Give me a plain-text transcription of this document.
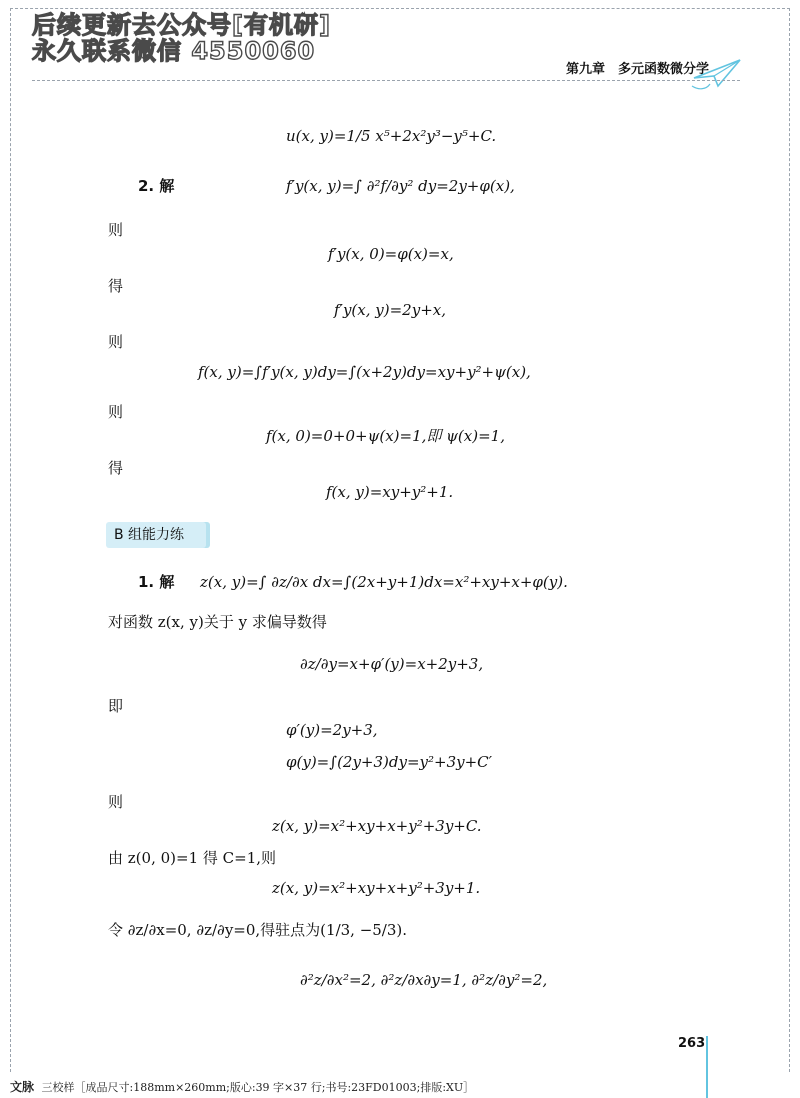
后续更新去公众号[有机研]
永久联系微信 4550060
第九章　多元函数微分学
u(x, y)=1/5 x⁵+2x²y³−y⁵+C.
2. 解	f′y(x, y)=∫ ∂²f/∂y² dy=2y+φ(x),
则
f′y(x, 0)=φ(x)=x,
得
f′y(x, y)=2y+x,
则
f(x, y)=∫f′y(x, y)dy=∫(x+2y)dy=xy+y²+ψ(x),
则
f(x, 0)=0+0+ψ(x)=1,即 ψ(x)=1,
得
f(x, y)=xy+y²+1.
B 组能力练
1. 解 z(x, y)=∫ ∂z/∂x dx=∫(2x+y+1)dx=x²+xy+x+φ(y).
对函数 z(x, y)关于 y 求偏导数得
∂z/∂y=x+φ′(y)=x+2y+3,
即
φ′(y)=2y+3,
φ(y)=∫(2y+3)dy=y²+3y+C′
则
z(x, y)=x²+xy+x+y²+3y+C.
由 z(0, 0)=1 得 C=1,则
z(x, y)=x²+xy+x+y²+3y+1.
令 ∂z/∂x=0, ∂z/∂y=0,得驻点为(1/3, −5/3).
∂²z/∂x²=2, ∂²z/∂x∂y=1, ∂²z/∂y²=2,
263
文脉 三校样［成品尺寸:188mm×260mm;版心:39 字×37 行;书号:23FD01003;排版:XU］
